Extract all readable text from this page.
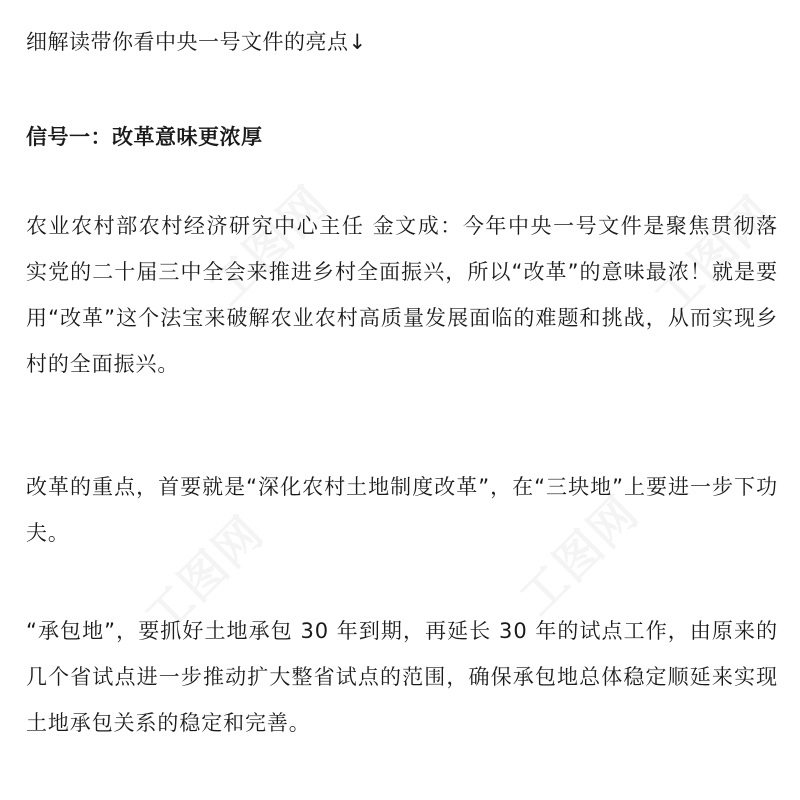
工图网	工图网
工图网
工图网
细解读带你看中央一号文件的亮点↓
信号一：改革意味更浓厚

农业农村部农村经济研究中心主任 金文成：今年中央一号文件是聚焦贯彻落实党的二十届三中全会来推进乡村全面振兴，所以“改革”的意味最浓！就是要用“改革”这个法宝来破解农业农村高质量发展面临的难题和挑战，从而实现乡村的全面振兴。

改革的重点，首要就是“深化农村土地制度改革”，在“三块地”上要进一步下功夫。

“承包地”，要抓好土地承包 30 年到期，再延长 30 年的试点工作，由原来的几个省试点进一步推动扩大整省试点的范围，确保承包地总体稳定顺延来实现土地承包关系的稳定和完善。
